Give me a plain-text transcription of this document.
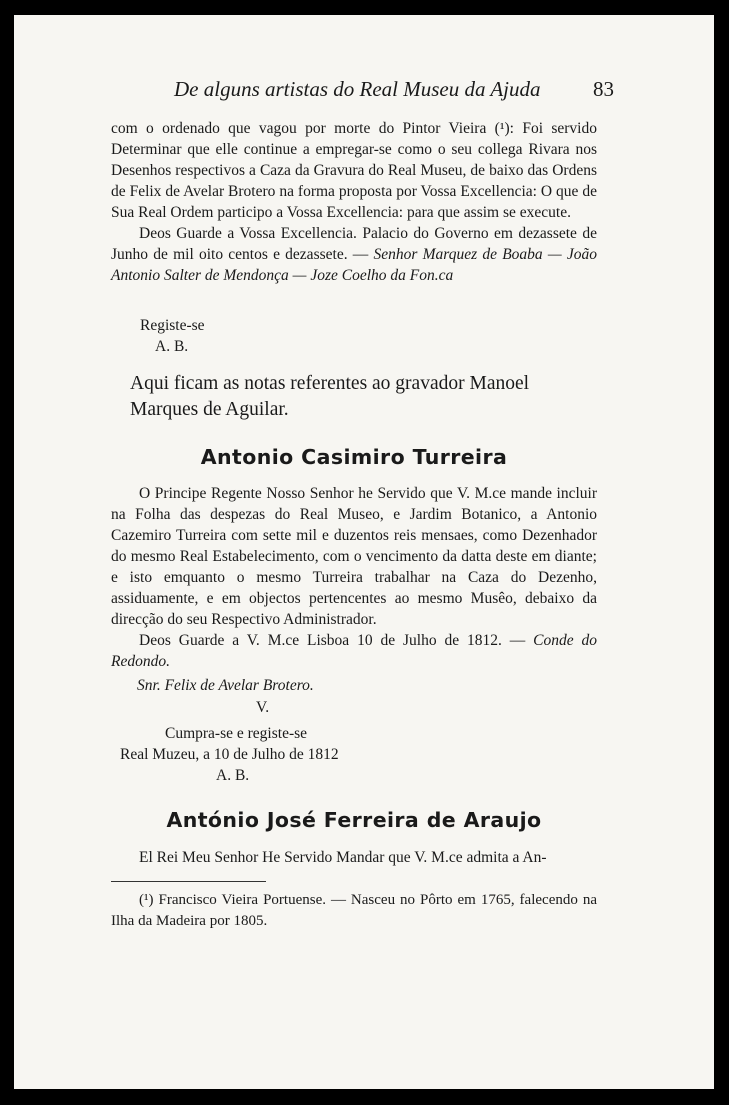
De alguns artistas do Real Museu da Ajuda 83

com o ordenado que vagou por morte do Pintor Vieira (¹): Foi servido Determinar que elle continue a empregar-se como o seu collega Rivara nos Desenhos respectivos a Caza da Gravura do Real Museu, de baixo das Ordens de Felix de Avelar Brotero na forma proposta por Vossa Excellencia: O que de Sua Real Ordem participo a Vossa Excellencia: para que assim se execute.

Deos Guarde a Vossa Excellencia. Palacio do Governo em dezassete de Junho de mil oito centos e dezassete. — Senhor Marquez de Boaba — João Antonio Salter de Mendonça — Joze Coelho da Fon.ca

Registe-se
A. B.
Aqui ficam as notas referentes ao gravador Manoel Marques de Aguilar.
Antonio Casimiro Turreira

O Principe Regente Nosso Senhor he Servido que V. M.ce mande incluir na Folha das despezas do Real Museo, e Jardim Botanico, a Antonio Cazemiro Turreira com sette mil e duzentos reis mensaes, como Dezenhador do mesmo Real Estabelecimento, com o vencimento da datta deste em diante; e isto emquanto o mesmo Turreira trabalhar na Caza do Dezenho, assiduamente, e em objectos pertencentes ao mesmo Musêo, debaixo da direcção do seu Respectivo Administrador.

Deos Guarde a V. M.ce Lisboa 10 de Julho de 1812. — Conde do Redondo.

Snr. Felix de Avelar Brotero.
V.
Cumpra-se e registe-se
Real Muzeu, a 10 de Julho de 1812
A. B.
António José Ferreira de Araujo

El Rei Meu Senhor He Servido Mandar que V. M.ce admita a An-

(¹) Francisco Vieira Portuense. — Nasceu no Pôrto em 1765, falecendo na Ilha da Madeira por 1805.
